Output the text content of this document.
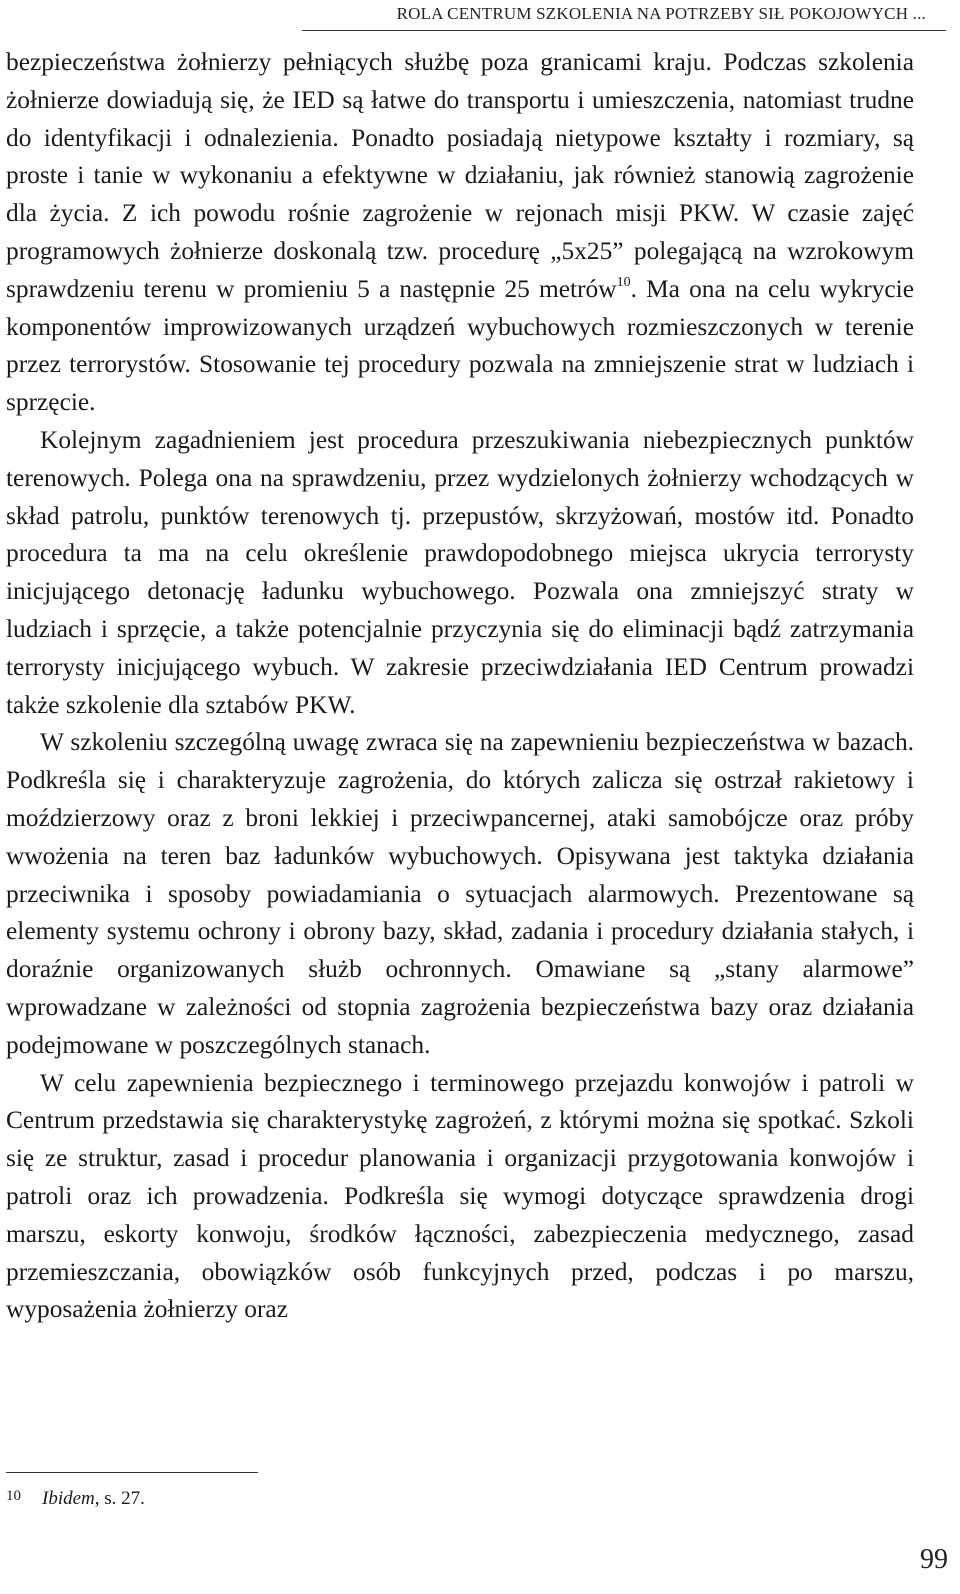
ROLA CENTRUM SZKOLENIA NA POTRZEBY SIŁ POKOJOWYCH ...

bezpieczeństwa żołnierzy pełniących służbę poza granicami kraju. Podczas szkolenia żołnierze dowiadują się, że IED są łatwe do transportu i umieszczenia, natomiast trudne do identyfikacji i odnalezienia. Ponadto posiadają nietypowe kształty i rozmiary, są proste i tanie w wykonaniu a efektywne w działaniu, jak również stanowią zagrożenie dla życia. Z ich powodu rośnie zagrożenie w rejonach misji PKW. W czasie zajęć programowych żołnierze doskonalą tzw. procedurę „5x25” polegającą na wzrokowym sprawdzeniu terenu w promieniu 5 a następnie 25 metrów$^{10}$. Ma ona na celu wykrycie komponentów improwizowanych urządzeń wybuchowych rozmieszczonych w terenie przez terrorystów. Stosowanie tej procedury pozwala na zmniejszenie strat w ludziach i sprzęcie.

Kolejnym zagadnieniem jest procedura przeszukiwania niebezpiecznych punktów terenowych. Polega ona na sprawdzeniu, przez wydzielonych żołnierzy wchodzących w skład patrolu, punktów terenowych tj. przepustów, skrzyżowań, mostów itd. Ponadto procedura ta ma na celu określenie prawdopodobnego miejsca ukrycia terrorysty inicjującego detonację ładunku wybuchowego. Pozwala ona zmniejszyć straty w ludziach i sprzęcie, a także potencjalnie przyczynia się do eliminacji bądź zatrzymania terrorysty inicjującego wybuch. W zakresie przeciwdziałania IED Centrum prowadzi także szkolenie dla sztabów PKW.

W szkoleniu szczególną uwagę zwraca się na zapewnieniu bezpieczeństwa w bazach. Podkreśla się i charakteryzuje zagrożenia, do których zalicza się ostrzał rakietowy i moździerzowy oraz z broni lekkiej i przeciwpancernej, ataki samobójcze oraz próby wwożenia na teren baz ładunków wybuchowych. Opisywana jest taktyka działania przeciwnika i sposoby powiadamiania o sytuacjach alarmowych. Prezentowane są elementy systemu ochrony i obrony bazy, skład, zadania i procedury działania stałych, i doraźnie organizowanych służb ochronnych. Omawiane są „stany alarmowe” wprowadzane w zależności od stopnia zagrożenia bezpieczeństwa bazy oraz działania podejmowane w poszczególnych stanach.

W celu zapewnienia bezpiecznego i terminowego przejazdu konwojów i patroli w Centrum przedstawia się charakterystykę zagrożeń, z którymi można się spotkać. Szkoli się ze struktur, zasad i procedur planowania i organizacji przygotowania konwojów i patroli oraz ich prowadzenia. Podkreśla się wymogi dotyczące sprawdzenia drogi marszu, eskorty konwoju, środków łączności, zabezpieczenia medycznego, zasad przemieszczania, obowiązków osób funkcyjnych przed, podczas i po marszu, wyposażenia żołnierzy oraz

10 Ibidem, s. 27.
99
